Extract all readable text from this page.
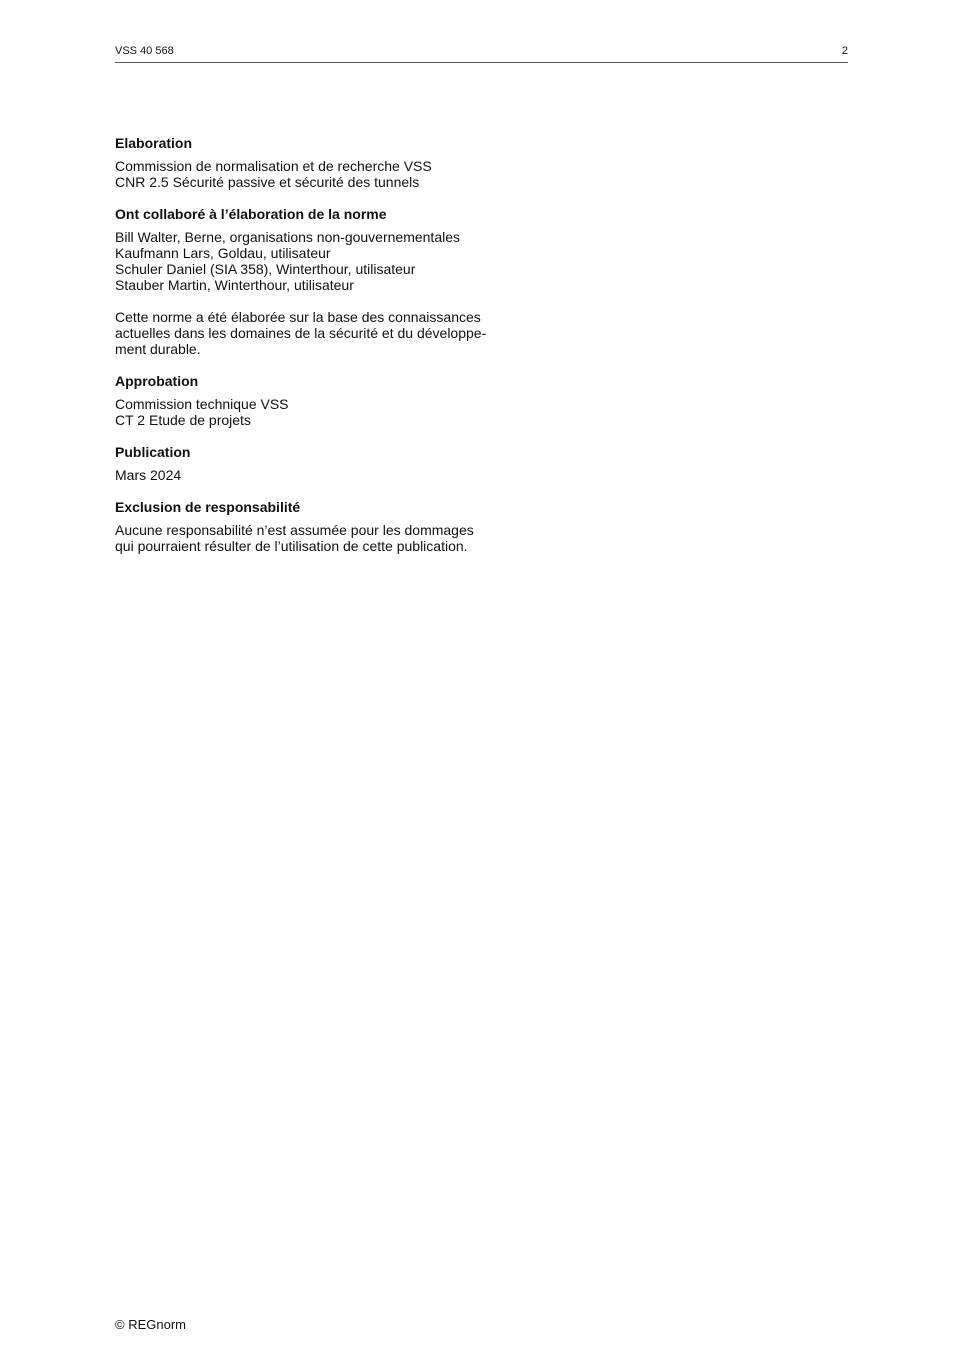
VSS 40 568	2
Elaboration
Commission de normalisation et de recherche VSS
CNR 2.5 Sécurité passive et sécurité des tunnels
Ont collaboré à l’élaboration de la norme
Bill Walter, Berne, organisations non-gouvernementales
Kaufmann Lars, Goldau, utilisateur
Schuler Daniel (SIA 358), Winterthour, utilisateur
Stauber Martin, Winterthour, utilisateur
Cette norme a été élaborée sur la base des connaissances
actuelles dans les domaines de la sécurité et du développe-
ment durable.
Approbation
Commission technique VSS
CT 2 Etude de projets
Publication
Mars 2024
Exclusion de responsabilité
Aucune responsabilité n’est assumée pour les dommages
qui pourraient résulter de l’utilisation de cette publication.
© REGnorm
